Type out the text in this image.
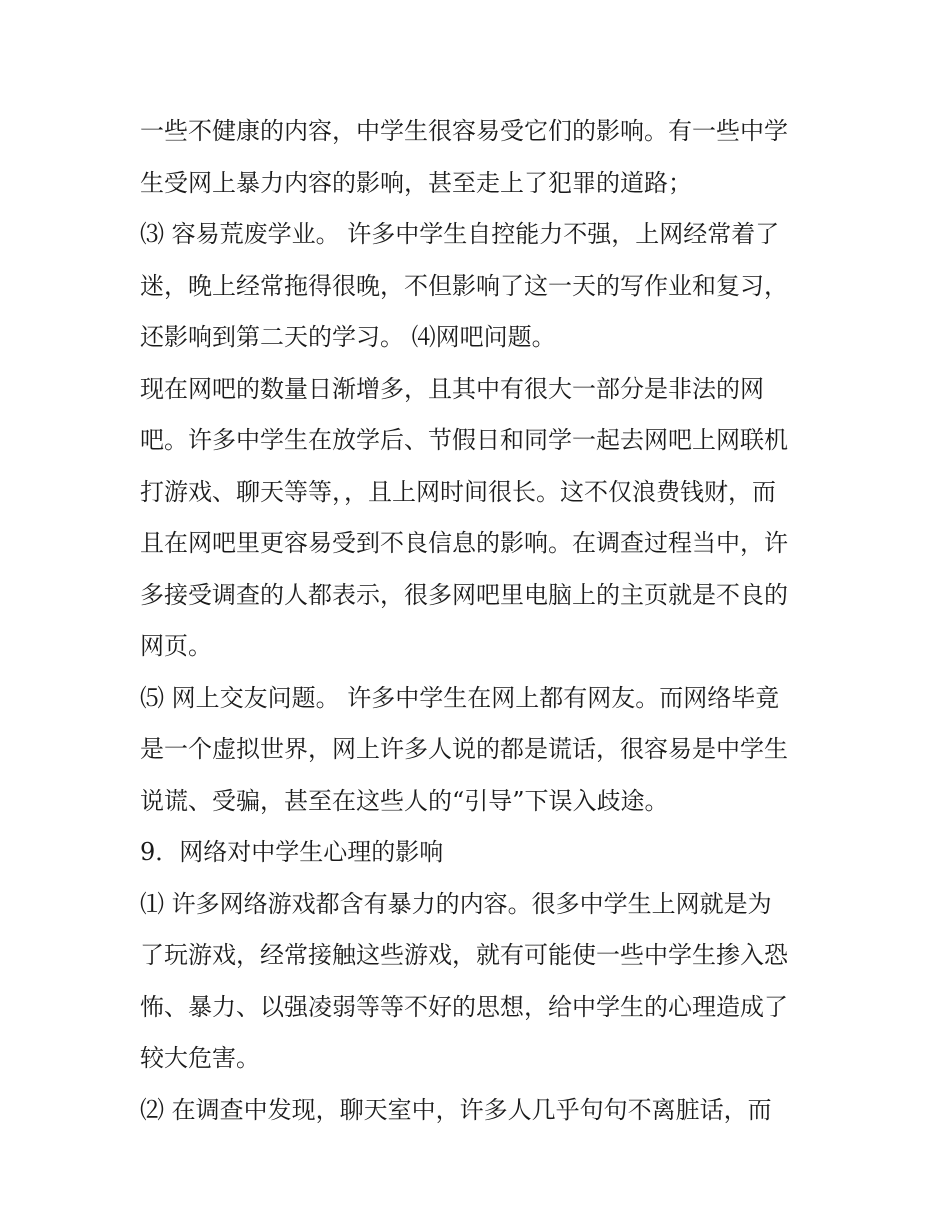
一些不健康的内容，中学生很容易受它们的影响。有一些中学
生受网上暴力内容的影响，甚至走上了犯罪的道路；
⑶ 容易荒废学业。 许多中学生自控能力不强，上网经常着了
迷，晚上经常拖得很晚，不但影响了这一天的写作业和复习，
还影响到第二天的学习。 ⑷网吧问题。
现在网吧的数量日渐增多，且其中有很大一部分是非法的网
吧。许多中学生在放学后、节假日和同学一起去网吧上网联机
打游戏、聊天等等，，且上网时间很长。这不仅浪费钱财，而
且在网吧里更容易受到不良信息的影响。在调查过程当中，许
多接受调查的人都表示，很多网吧里电脑上的主页就是不良的
网页。
⑸ 网上交友问题。 许多中学生在网上都有网友。而网络毕竟
是一个虚拟世界，网上许多人说的都是谎话，很容易是中学生
说谎、受骗，甚至在这些人的“引导”下误入歧途。
9．网络对中学生心理的影响
⑴ 许多网络游戏都含有暴力的内容。很多中学生上网就是为
了玩游戏，经常接触这些游戏，就有可能使一些中学生掺入恐
怖、暴力、以强凌弱等等不好的思想，给中学生的心理造成了
较大危害。
⑵ 在调查中发现，聊天室中，许多人几乎句句不离脏话，而
